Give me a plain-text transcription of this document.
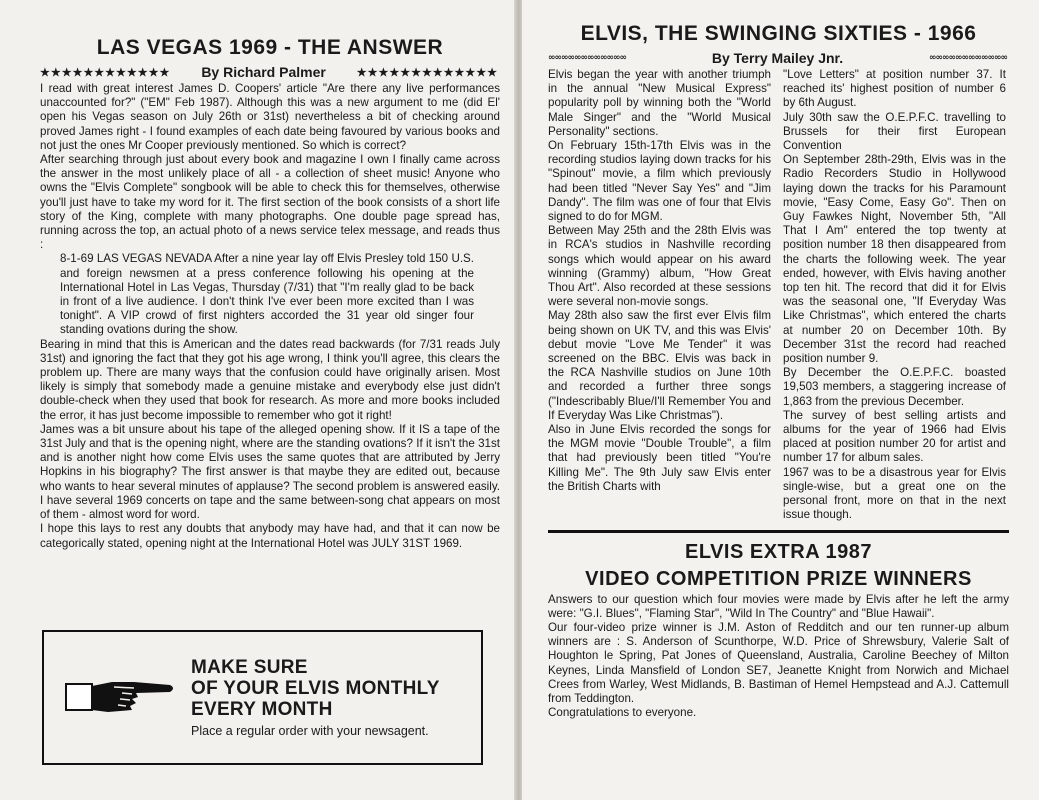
LAS VEGAS 1969 - THE ANSWER
★★★★★★★★★★★★ By Richard Palmer	★★★★★★★★★★★★★

I read with great interest James D. Coopers' article "Are there any live performances unaccounted for?" ("EM" Feb 1987). Although this was a new argument to me (did El' open his Vegas season on July 26th or 31st) nevertheless a bit of checking around proved James right - I found examples of each date being favoured by various books and not just the ones Mr Cooper previously mentioned. So which is correct?

After searching through just about every book and magazine I own I finally came across the answer in the most unlikely place of all - a collection of sheet music! Anyone who owns the "Elvis Complete" songbook will be able to check this for themselves, otherwise you'll just have to take my word for it. The first section of the book consists of a short life story of the King, complete with many photographs. One double page spread has, running across the top, an actual photo of a news service telex message, and reads thus :

8-1-69 LAS VEGAS NEVADA After a nine year lay off Elvis Presley told 150 U.S. and foreign newsmen at a press conference following his opening at the International Hotel in Las Vegas, Thursday (7/31) that "I'm really glad to be back in front of a live audience. I don't think I've ever been more excited than I was tonight". A VIP crowd of first nighters accorded the 31 year old singer four standing ovations during the show.

Bearing in mind that this is American and the dates read backwards (for 7/31 reads July 31st) and ignoring the fact that they got his age wrong, I think you'll agree, this clears the problem up. There are many ways that the confusion could have originally arisen. Most likely is simply that somebody made a genuine mistake and everybody else just didn't double-check when they used that book for research. As more and more books included the error, it has just become impossible to remember who got it right!

James was a bit unsure about his tape of the alleged opening show. If it IS a tape of the 31st July and that is the opening night, where are the standing ovations? If it isn't the 31st and is another night how come Elvis uses the same quotes that are attributed by Jerry Hopkins in his biography? The first answer is that maybe they are edited out, because who wants to hear several minutes of applause? The second problem is answered easily. I have several 1969 concerts on tape and the same between-song chat appears on most of them - almost word for word.

I hope this lays to rest any doubts that anybody may have had, and that it can now be categorically stated, opening night at the International Hotel was JULY 31ST 1969.

MAKE SURE
OF YOUR ELVIS MONTHLY
EVERY MONTH
Place a regular order with your newsagent.
ELVIS, THE SWINGING SIXTIES - 1966
∞∞∞∞∞∞∞∞∞∞∞∞	By Terry Mailey Jnr.	∞∞∞∞∞∞∞∞∞∞∞∞

Elvis began the year with another triumph in the annual "New Musical Express" popularity poll by winning both the "World Male Singer" and the "World Musical Personality" sections.

On February 15th-17th Elvis was in the recording studios laying down tracks for his "Spinout" movie, a film which previously had been titled "Never Say Yes" and "Jim Dandy". The film was one of four that Elvis signed to do for MGM.

Between May 25th and the 28th Elvis was in RCA's studios in Nashville recording songs which would appear on his award winning (Grammy) album, "How Great Thou Art". Also recorded at these sessions were several non-movie songs.

May 28th also saw the first ever Elvis film being shown on UK TV, and this was Elvis' debut movie "Love Me Tender" it was screened on the BBC. Elvis was back in the RCA Nashville studios on June 10th and recorded a further three songs ("Indescribably Blue/I'll Remember You and If Everyday Was Like Christmas").

Also in June Elvis recorded the songs for the MGM movie "Double Trouble", a film that had previously been titled "You're Killing Me". The 9th July saw Elvis enter the British Charts with

"Love Letters" at position number 37. It reached its' highest position of number 6 by 6th August.

July 30th saw the O.E.P.F.C. travelling to Brussels for their first European Convention

On September 28th-29th, Elvis was in the Radio Recorders Studio in Hollywood laying down the tracks for his Paramount movie, "Easy Come, Easy Go". Then on Guy Fawkes Night, November 5th, "All That I Am" entered the top twenty at position number 18 then disappeared from the charts the following week. The year ended, however, with Elvis having another top ten hit. The record that did it for Elvis was the seasonal one, "If Everyday Was Like Christmas", which entered the charts at number 20 on December 10th. By December 31st the record had reached position number 9.

By December the O.E.P.F.C. boasted 19,503 members, a staggering increase of 1,863 from the previous December.

The survey of best selling artists and albums for the year of 1966 had Elvis placed at position number 20 for artist and number 17 for album sales.

1967 was to be a disastrous year for Elvis single-wise, but a great one on the personal front, more on that in the next issue though.

ELVIS EXTRA 1987
VIDEO COMPETITION PRIZE WINNERS

Answers to our question which four movies were made by Elvis after he left the army were: "G.I. Blues", "Flaming Star", "Wild In The Country" and "Blue Hawaii".

Our four-video prize winner is J.M. Aston of Redditch and our ten runner-up album winners are : S. Anderson of Scunthorpe, W.D. Price of Shrewsbury, Valerie Salt of Houghton le Spring, Pat Jones of Queensland, Australia, Caroline Beechey of Milton Keynes, Linda Mansfield of London SE7, Jeanette Knight from Norwich and Michael Crees from Warley, West Midlands, B. Bastiman of Hemel Hempstead and A.J. Cattemull from Teddington.

Congratulations to everyone.
